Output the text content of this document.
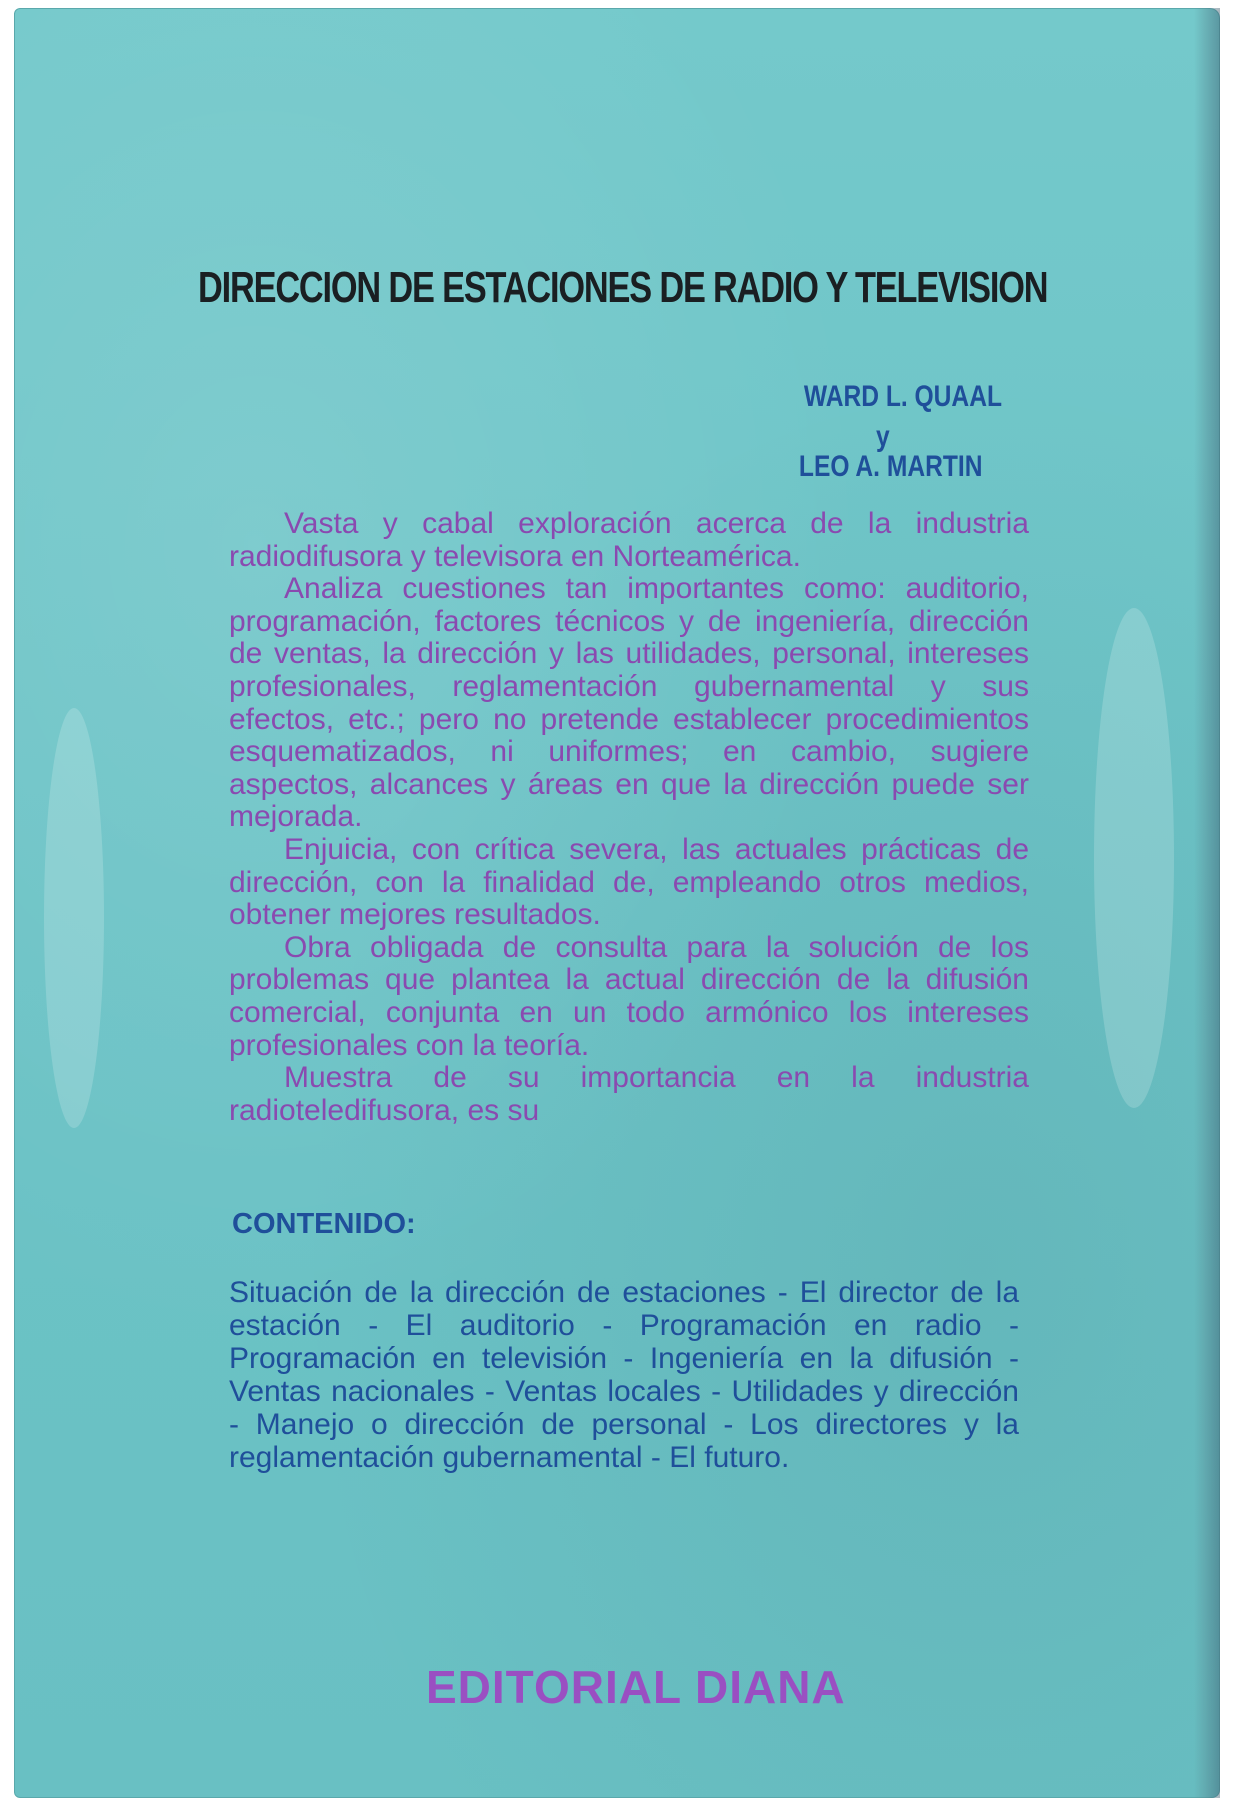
DIRECCION DE ESTACIONES DE RADIO Y TELEVISION
WARD L. QUAAL
y
LEO A. MARTIN

Vasta y cabal exploración acerca de la industria radiodifusora y televisora en Norteamérica.

Analiza cuestiones tan importantes como: auditorio, programación, factores técnicos y de ingeniería, dirección de ventas, la dirección y las utilidades, personal, intereses profesionales, reglamentación gubernamental y sus efectos, etc.; pero no pretende establecer procedimientos esquematizados, ni uniformes; en cambio, sugiere aspectos, alcances y áreas en que la dirección puede ser mejorada.

Enjuicia, con crítica severa, las actuales prácticas de dirección, con la finalidad de, empleando otros medios, obtener mejores resultados.

Obra obligada de consulta para la solución de los problemas que plantea la actual dirección de la difusión comercial, conjunta en un todo armónico los intereses profesionales con la teoría.

Muestra de su importancia en la industria radioteledifusora, es su

CONTENIDO:
Situación de la dirección de estaciones - El director de la estación - El auditorio - Programación en radio - Programación en televisión - Ingeniería en la difusión - Ventas nacionales - Ventas locales - Utilidades y dirección - Manejo o dirección de personal - Los directores y la reglamentación gubernamental - El futuro.
EDITORIAL DIANA
